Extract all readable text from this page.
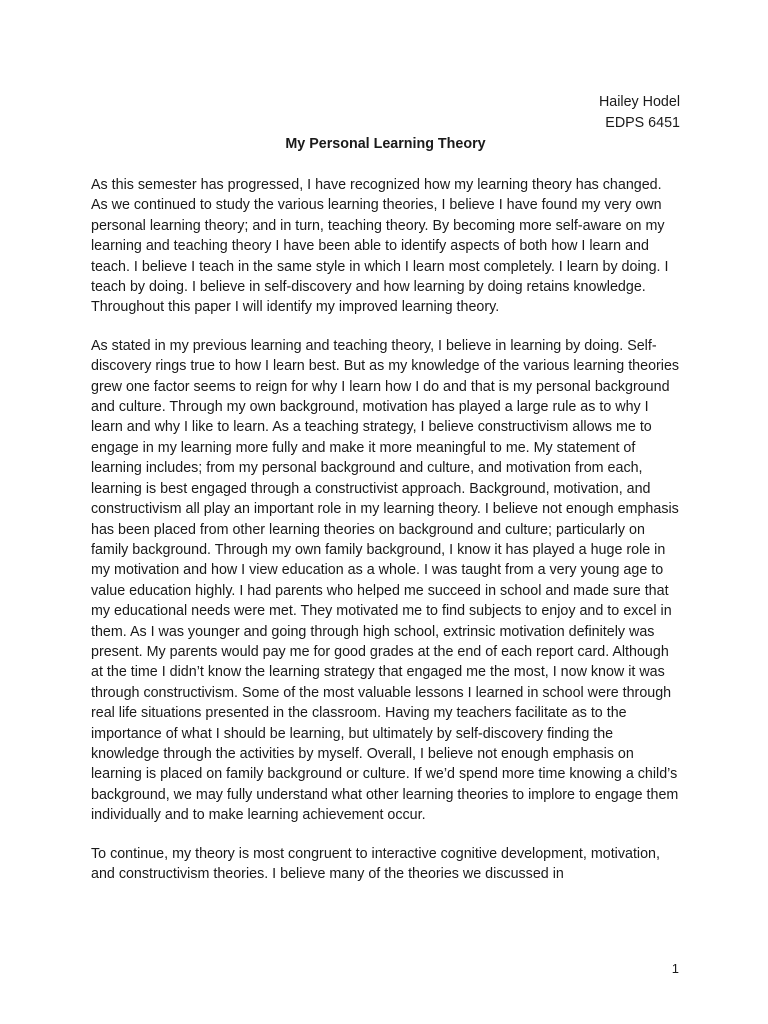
Hailey Hodel
EDPS 6451
My Personal Learning Theory

As this semester has progressed, I have recognized how my learning theory has changed. As we continued to study the various learning theories, I believe I have found my very own personal learning theory; and in turn, teaching theory. By becoming more self-aware on my learning and teaching theory I have been able to identify aspects of both how I learn and teach. I believe I teach in the same style in which I learn most completely. I learn by doing. I teach by doing. I believe in self-discovery and how learning by doing retains knowledge. Throughout this paper I will identify my improved learning theory.

As stated in my previous learning and teaching theory, I believe in learning by doing. Self-discovery rings true to how I learn best. But as my knowledge of the various learning theories grew one factor seems to reign for why I learn how I do and that is my personal background and culture. Through my own background, motivation has played a large rule as to why I learn and why I like to learn. As a teaching strategy, I believe constructivism allows me to engage in my learning more fully and make it more meaningful to me. My statement of learning includes; from my personal background and culture, and motivation from each, learning is best engaged through a constructivist approach. Background, motivation, and constructivism all play an important role in my learning theory. I believe not enough emphasis has been placed from other learning theories on background and culture; particularly on family background. Through my own family background, I know it has played a huge role in my motivation and how I view education as a whole. I was taught from a very young age to value education highly. I had parents who helped me succeed in school and made sure that my educational needs were met. They motivated me to find subjects to enjoy and to excel in them. As I was younger and going through high school, extrinsic motivation definitely was present. My parents would pay me for good grades at the end of each report card. Although at the time I didn’t know the learning strategy that engaged me the most, I now know it was through constructivism. Some of the most valuable lessons I learned in school were through real life situations presented in the classroom. Having my teachers facilitate as to the importance of what I should be learning, but ultimately by self-discovery finding the knowledge through the activities by myself. Overall, I believe not enough emphasis on learning is placed on family background or culture. If we’d spend more time knowing a child’s background, we may fully understand what other learning theories to implore to engage them individually and to make learning achievement occur.

To continue, my theory is most congruent to interactive cognitive development, motivation, and constructivism theories. I believe many of the theories we discussed in

1
